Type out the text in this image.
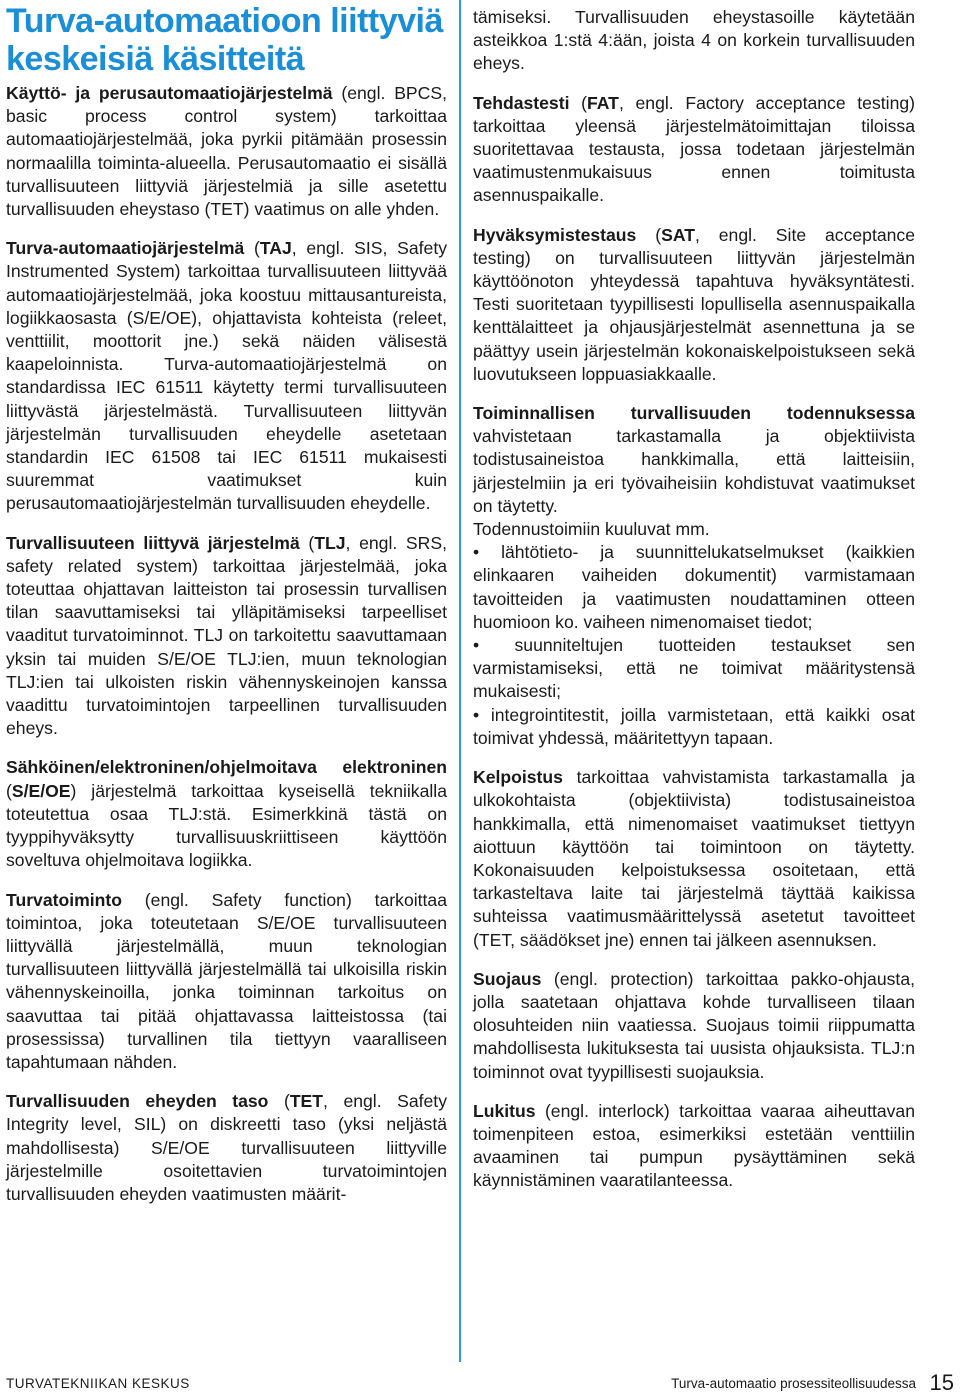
Turva-automaatioon liittyviä keskeisiä käsitteitä

Käyttö- ja perusautomaatiojärjestelmä (engl. BPCS, basic process control system) tarkoittaa automaatiojärjestelmää, joka pyrkii pitämään prosessin normaalilla toiminta-alueella. Perusautomaatio ei sisällä turvallisuuteen liittyviä järjestelmiä ja sille asetettu turvallisuuden eheystaso (TET) vaatimus on alle yhden.

Turva-automaatiojärjestelmä (TAJ, engl. SIS, Safety Instrumented System) tarkoittaa turvallisuuteen liittyvää automaatiojärjestelmää, joka koostuu mittausantureista, logiikkaosasta (S/E/OE), ohjattavista kohteista (releet, venttiilit, moottorit jne.) sekä näiden välisestä kaapeloinnista. Turva-automaatiojärjestelmä on standardissa IEC 61511 käytetty termi turvallisuuteen liittyvästä järjestelmästä. Turvallisuuteen liittyvän järjestelmän turvallisuuden eheydelle asetetaan standardin IEC 61508 tai IEC 61511 mukaisesti suuremmat vaatimukset kuin perusautomaatiojärjestelmän turvallisuuden eheydelle.

Turvallisuuteen liittyvä järjestelmä (TLJ, engl. SRS, safety related system) tarkoittaa järjestelmää, joka toteuttaa ohjattavan laitteiston tai prosessin turvallisen tilan saavuttamiseksi tai ylläpitämiseksi tarpeelliset vaaditut turvatoiminnot. TLJ on tarkoitettu saavuttamaan yksin tai muiden S/E/OE TLJ:ien, muun teknologian TLJ:ien tai ulkoisten riskin vähennyskeinojen kanssa vaadittu turvatoimintojen tarpeellinen turvallisuuden eheys.

Sähköinen/elektroninen/ohjelmoitava elektroninen (S/E/OE) järjestelmä tarkoittaa kyseisellä tekniikalla toteutettua osaa TLJ:stä. Esimerkkinä tästä on tyyppihyväksytty turvallisuuskriittiseen käyttöön soveltuva ohjelmoitava logiikka.

Turvatoiminto (engl. Safety function) tarkoittaa toimintoa, joka toteutetaan S/E/OE turvallisuuteen liittyvällä järjestelmällä, muun teknologian turvallisuuteen liittyvällä järjestelmällä tai ulkoisilla riskin vähennyskeinoilla, jonka toiminnan tarkoitus on saavuttaa tai pitää ohjattavassa laitteistossa (tai prosessissa) turvallinen tila tiettyyn vaaralliseen tapahtumaan nähden.

Turvallisuuden eheyden taso (TET, engl. Safety Integrity level, SIL) on diskreetti taso (yksi neljästä mahdollisesta) S/E/OE turvallisuuteen liittyville järjestelmille osoitettavien turvatoimintojen turvallisuuden eheyden vaatimusten määrit-

tämiseksi. Turvallisuuden eheystasoille käytetään asteikkoa 1:stä 4:ään, joista 4 on korkein turvallisuuden eheys.

Tehdastesti (FAT, engl. Factory acceptance testing) tarkoittaa yleensä järjestelmätoimittajan tiloissa suoritettavaa testausta, jossa todetaan järjestelmän vaatimustenmukaisuus ennen toimitusta asennuspaikalle.

Hyväksymistestaus (SAT, engl. Site acceptance testing) on turvallisuuteen liittyvän järjestelmän käyttöönoton yhteydessä tapahtuva hyväksyntätesti. Testi suoritetaan tyypillisesti lopullisella asennuspaikalla kenttälaitteet ja ohjausjärjestelmät asennettuna ja se päättyy usein järjestelmän kokonaiskelpoistukseen sekä luovutukseen loppuasiakkaalle.

Toiminnallisen turvallisuuden todennuksessa vahvistetaan tarkastamalla ja objektiivista todistusaineistoa hankkimalla, että laitteisiin, järjestelmiin ja eri työvaiheisiin kohdistuvat vaatimukset on täytetty.

Todennustoimiin kuuluvat mm.

• lähtötieto- ja suunnittelukatselmukset (kaikkien elinkaaren vaiheiden dokumentit) varmistamaan tavoitteiden ja vaatimusten noudattaminen otteen huomioon ko. vaiheen nimenomaiset tiedot;

• suunniteltujen tuotteiden testaukset sen varmistamiseksi, että ne toimivat määritystensä mukaisesti;

• integrointitestit, joilla varmistetaan, että kaikki osat toimivat yhdessä, määritettyyn tapaan.

Kelpoistus tarkoittaa vahvistamista tarkastamalla ja ulkokohtaista (objektiivista) todistusaineistoa hankkimalla, että nimenomaiset vaatimukset tiettyyn aiottuun käyttöön tai toimintoon on täytetty. Kokonaisuuden kelpoistuksessa osoitetaan, että tarkasteltava laite tai järjestelmä täyttää kaikissa suhteissa vaatimusmäärittelyssä asetetut tavoitteet (TET, säädökset jne) ennen tai jälkeen asennuksen.

Suojaus (engl. protection) tarkoittaa pakko-ohjausta, jolla saatetaan ohjattava kohde turvalliseen tilaan olosuhteiden niin vaatiessa. Suojaus toimii riippumatta mahdollisesta lukituksesta tai uusista ohjauksista. TLJ:n toiminnot ovat tyypillisesti suojauksia.

Lukitus (engl. interlock) tarkoittaa vaaraa aiheuttavan toimenpiteen estoa, esimerkiksi estetään venttiilin avaaminen tai pumpun pysäyttäminen sekä käynnistäminen vaaratilanteessa.

TURVATEKNIIKAN KESKUS	Turva-automaatio prosessiteollisuudessa 15
